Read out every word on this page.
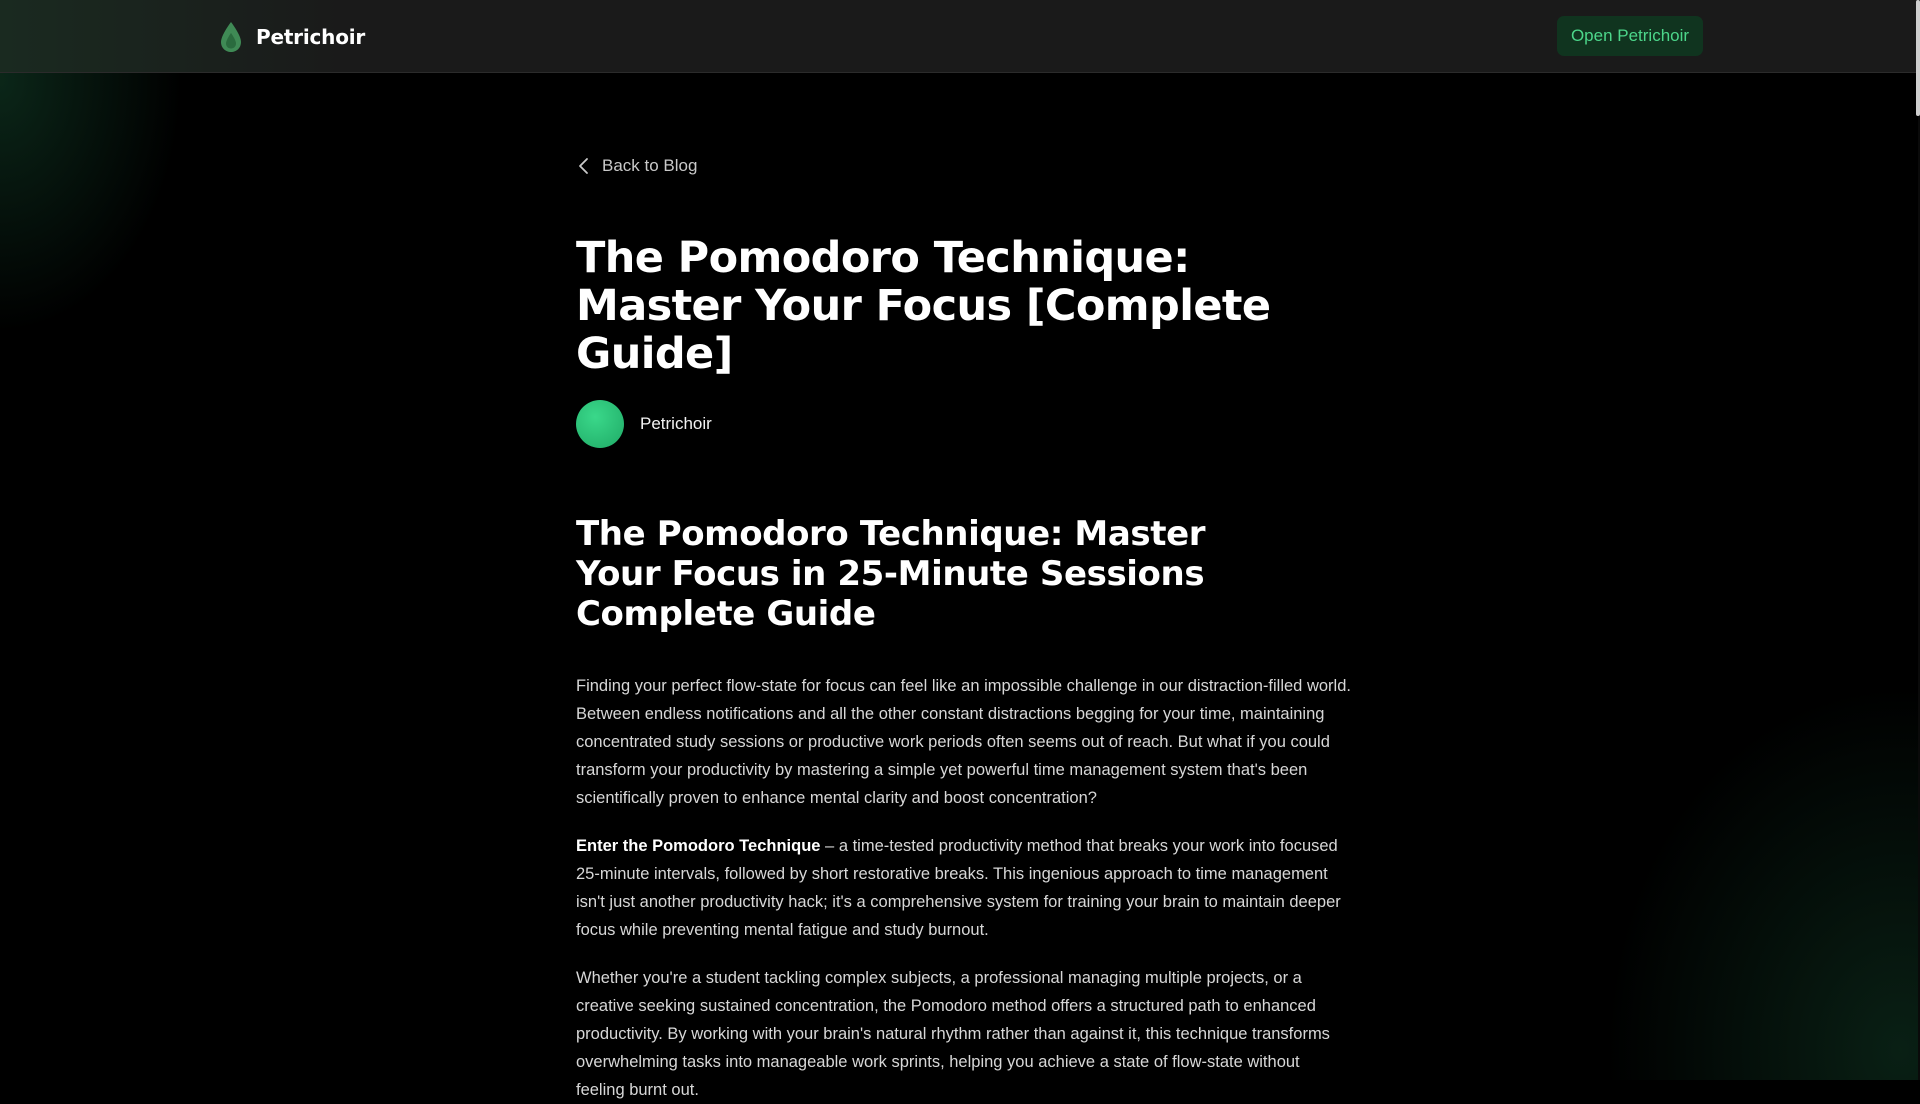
Petrichoir	Open Petrichoir
Back to Blog
The Pomodoro Technique: Master Your Focus [Complete Guide]
Petrichoir
The Pomodoro Technique: Master Your Focus in 25-Minute Sessions Complete Guide

Finding your perfect flow-state for focus can feel like an impossible challenge in our distraction-filled world. Between endless notifications and all the other constant distractions begging for your time, maintaining concentrated study sessions or productive work periods often seems out of reach. But what if you could transform your productivity by mastering a simple yet powerful time management system that's been scientifically proven to enhance mental clarity and boost concentration?

Enter the Pomodoro Technique – a time-tested productivity method that breaks your work into focused 25-minute intervals, followed by short restorative breaks. This ingenious approach to time management isn't just another productivity hack; it's a comprehensive system for training your brain to maintain deeper focus while preventing mental fatigue and study burnout.

Whether you're a student tackling complex subjects, a professional managing multiple projects, or a creative seeking sustained concentration, the Pomodoro method offers a structured path to enhanced productivity. By working with your brain's natural rhythm rather than against it, this technique transforms overwhelming tasks into manageable work sprints, helping you achieve a state of flow-state without feeling burnt out.
